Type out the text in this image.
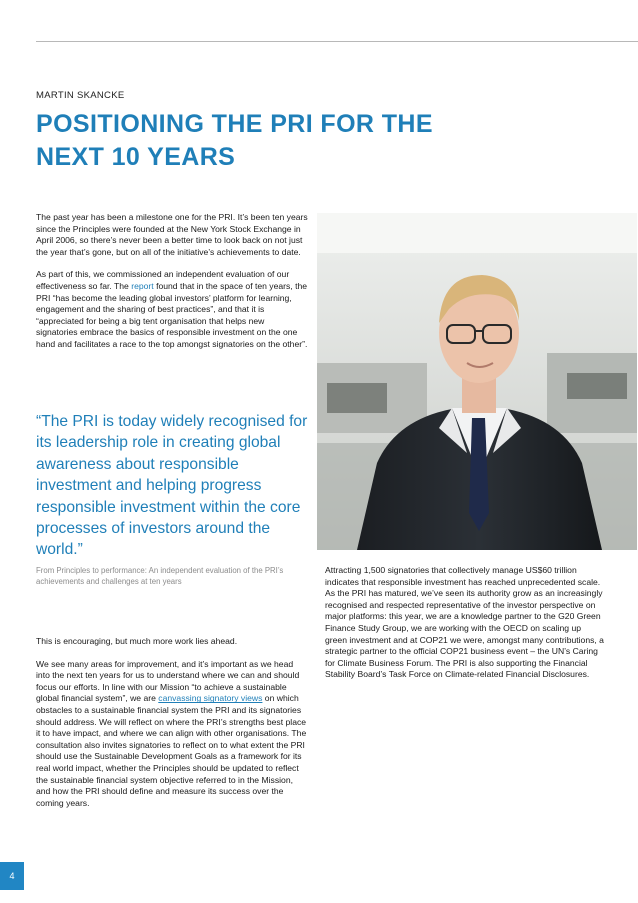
MARTIN SKANCKE
POSITIONING THE PRI FOR THE
NEXT 10 YEARS

The past year has been a milestone one for the PRI. It’s been ten years since the Principles were founded at the New York Stock Exchange in April 2006, so there’s never been a better time to look back on not just the year that’s gone, but on all of the initiative’s achievements to date.

As part of this, we commissioned an independent evaluation of our effectiveness so far. The report found that in the space of ten years, the PRI “has become the leading global investors’ platform for learning, engagement and the sharing of best practices”, and that it is “appreciated for being a big tent organisation that helps new signatories embrace the basics of responsible investment on the one hand and facilitates a race to the top amongst signatories on the other”.

“The PRI is today widely recognised for its leadership role in creating global awareness about responsible investment and helping progress responsible investment within the core processes of investors around the world.”

From Principles to performance: An independent evaluation of the PRI’s achievements and challenges at ten years

This is encouraging, but much more work lies ahead.

We see many areas for improvement, and it’s important as we head into the next ten years for us to understand where we can and should focus our efforts. In line with our Mission “to achieve a sustainable global financial system”, we are canvassing signatory views on which obstacles to a sustainable financial system the PRI and its signatories should address. We will reflect on where the PRI’s strengths best place it to have impact, and where we can align with other organisations. The consultation also invites signatories to reflect on to what extent the PRI should use the Sustainable Development Goals as a framework for its real world impact, whether the Principles should be updated to reflect the sustainable financial system objective referred to in the Mission, and how the PRI should define and measure its success over the coming years.

Attracting 1,500 signatories that collectively manage US$60 trillion indicates that responsible investment has reached unprecedented scale. As the PRI has matured, we’ve seen its authority grow as an increasingly recognised and respected representative of the investor perspective on major platforms: this year, we are a knowledge partner to the G20 Green Finance Study Group, we are working with the OECD on scaling up green investment and at COP21 we were, amongst many contributions, a strategic partner to the official COP21 business event – the UN’s Caring for Climate Business Forum. The PRI is also supporting the Financial Stability Board’s Task Force on Climate-related Financial Disclosures.

4
